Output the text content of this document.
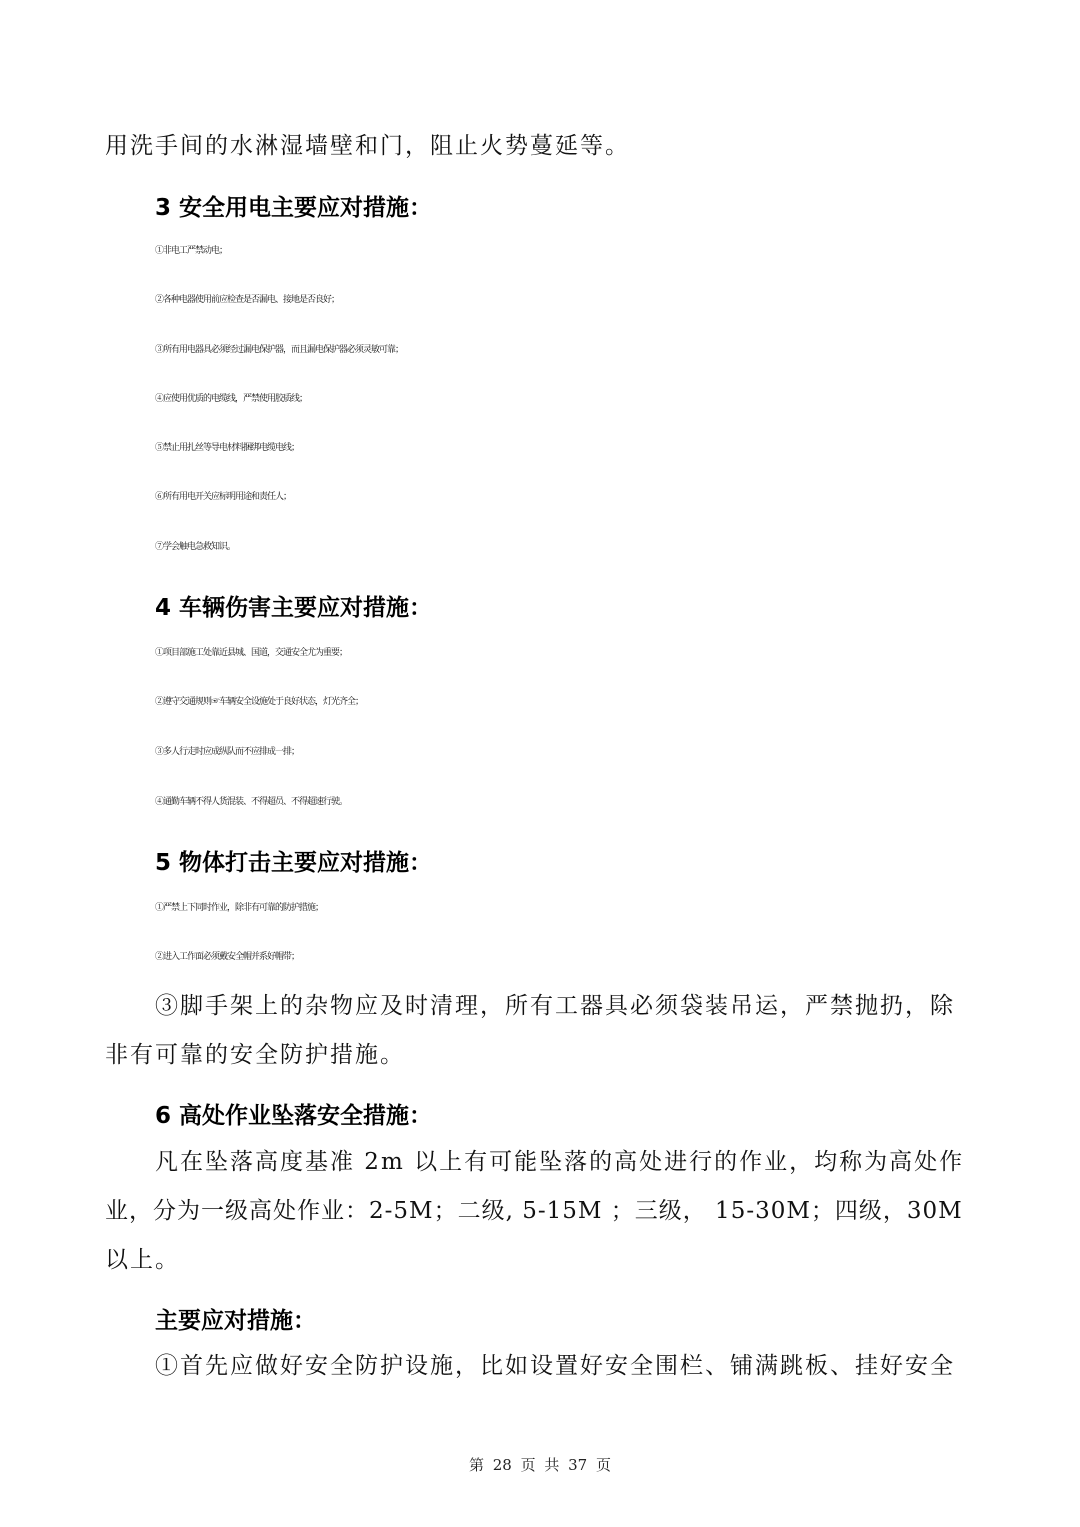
用洗手间的水淋湿墙壁和门，阻止火势蔓延等。
3 安全用电主要应对措施：
①非电工严禁动电；
②各种电器使用前应检查是否漏电、接地是否良好；
③所有用电器具必须经过漏电保护器，而且漏电保护器必须灵敏可靠；
④应使用优质的电缆线，严禁使用胶质线；
⑤禁止用扎丝等导电材料捆绑电缆电线；
⑥所有用电开关应标明用途和责任人；
⑦学会触电急救知识。
4 车辆伤害主要应对措施：
①项目部施工处靠近县城、国道，交通安全尤为重要；
②遵守交通规则☞车辆安全设施处于良好状态，灯光齐全；
③多人行走时应成纵队而不应排成一排；
④通勤车辆不得人货混装、不得超员、不得超速行驶。
5 物体打击主要应对措施：
①严禁上下同时作业，除非有可靠的防护措施；
②进入工作面必须戴安全帽并系好帽带；
③脚手架上的杂物应及时清理，所有工器具必须袋装吊运，严禁抛扔，除
非有可靠的安全防护措施。
6 高处作业坠落安全措施：
凡在坠落高度基准 2m 以上有可能坠落的高处进行的作业，均称为高处作
业，分为一级高处作业：2-5M；二级, 5-15M ；三级， 15-30M；四级，30M
以上。
主要应对措施：
①首先应做好安全防护设施，比如设置好安全围栏、铺满跳板、挂好安全
第 28 页 共 37 页
